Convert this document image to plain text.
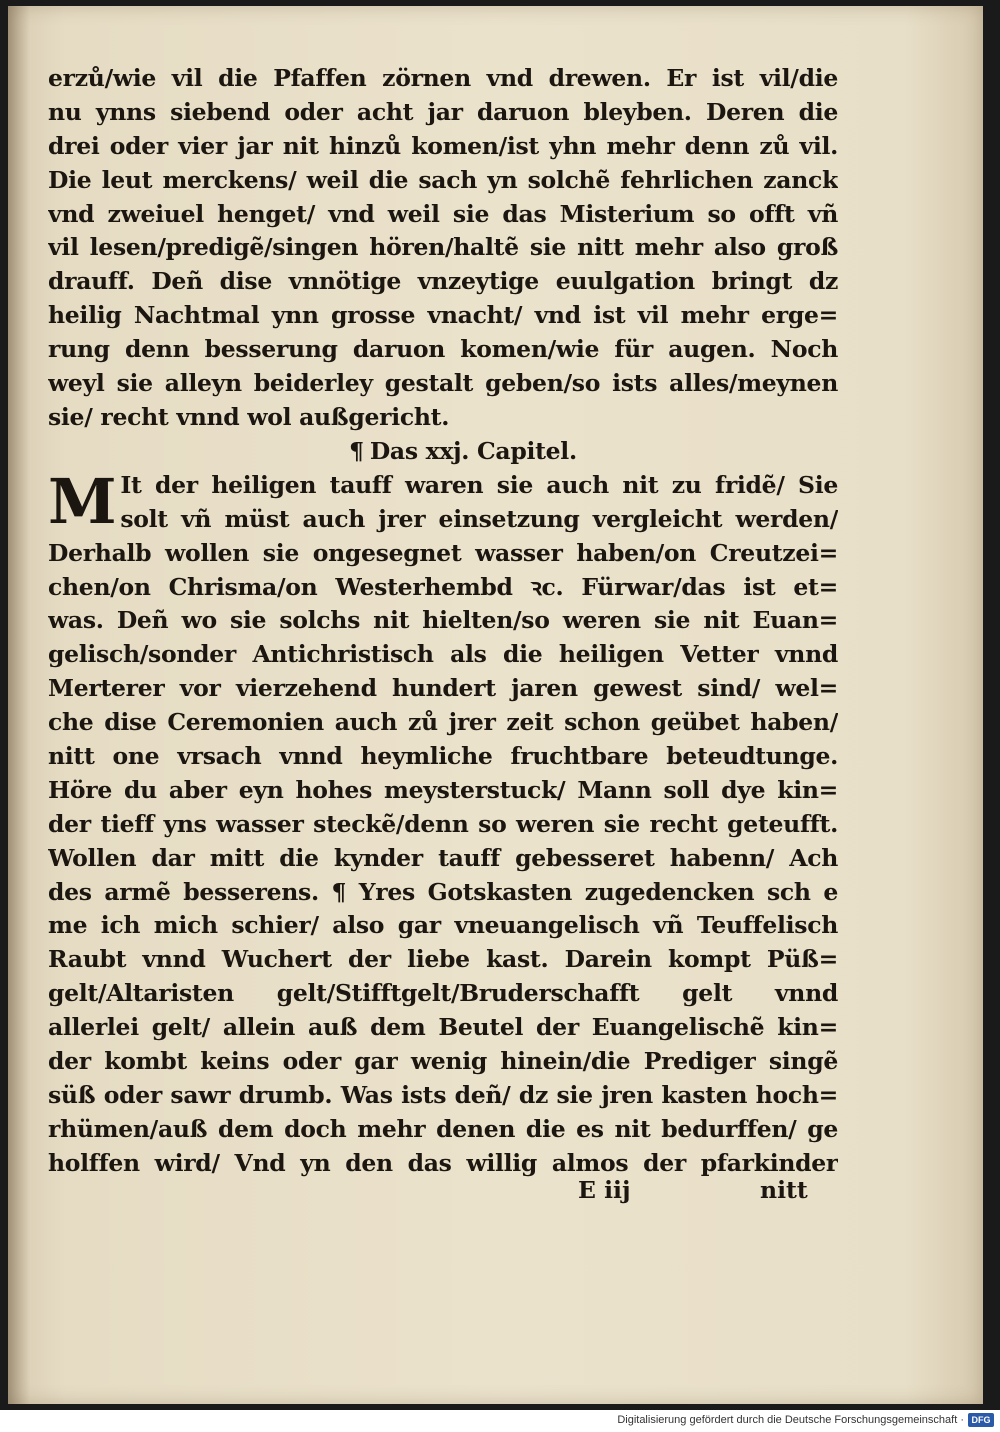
erzů/wie vil die Pfaffen zörnen vnd drewen. Er ist vil/die
nu ynns siebend oder acht jar daruon bleyben. Deren die
drei oder vier jar nit hinzů komen/ist yhn mehr denn zů vil.
Die leut merckens/ weil die sach yn solchẽ fehrlichen zanck
vnd zweiuel henget/ vnd weil sie das Misterium so offt vñ
vil lesen/predigẽ/singen hören/haltẽ sie nitt mehr also groß
drauff. Deñ dise vnnötige vnzeytige euulgation bringt dz
heilig Nachtmal ynn grosse vnacht/ vnd ist vil mehr erge=
rung denn besserung daruon komen/wie für augen. Noch
weyl sie alleyn beiderley gestalt geben/so ists alles/meynen
sie/ recht vnnd wol außgericht.
¶ Das xxj. Capitel.
M It der heiligen tauff waren sie auch nit zu fridẽ/ Sie
solt vñ müst auch jrer einsetzung vergleicht werden/
Derhalb wollen sie ongesegnet wasser haben/on Creutzei=
chen/on Chrisma/on Westerhembd ꝛc. Fürwar/das ist et=
was. Deñ wo sie solchs nit hielten/so weren sie nit Euan=
gelisch/sonder Antichristisch als die heiligen Vetter vnnd
Merterer vor vierzehend hundert jaren gewest sind/ wel=
che dise Ceremonien auch zů jrer zeit schon geübet haben/
nitt one vrsach vnnd heymliche fruchtbare beteudtunge.
Höre du aber eyn hohes meysterstuck/ Mann soll dye kin=
der tieff yns wasser steckẽ/denn so weren sie recht geteufft.
Wollen dar mitt die kynder tauff gebesseret habenn/ Ach
des armẽ besserens. ¶ Yres Gotskasten zugedencken sch e
me ich mich schier/ also gar vneuangelisch vñ Teuffelisch
Raubt vnnd Wuchert der liebe kast. Darein kompt Püß=
gelt/Altaristen gelt/Stifftgelt/Bruderschafft gelt vnnd
allerlei gelt/ allein auß dem Beutel der Euangelischẽ kin=
der kombt keins oder gar wenig hinein/die Prediger singẽ
süß oder sawr drumb. Was ists deñ/ dz sie jren kasten hoch=
rhümen/auß dem doch mehr denen die es nit bedurffen/ ge
holffen wird/ Vnd yn den das willig almos der pfarkinder
E iij	nitt
Digitalisierung gefördert durch die Deutsche Forschungsgemeinschaft · DFG
